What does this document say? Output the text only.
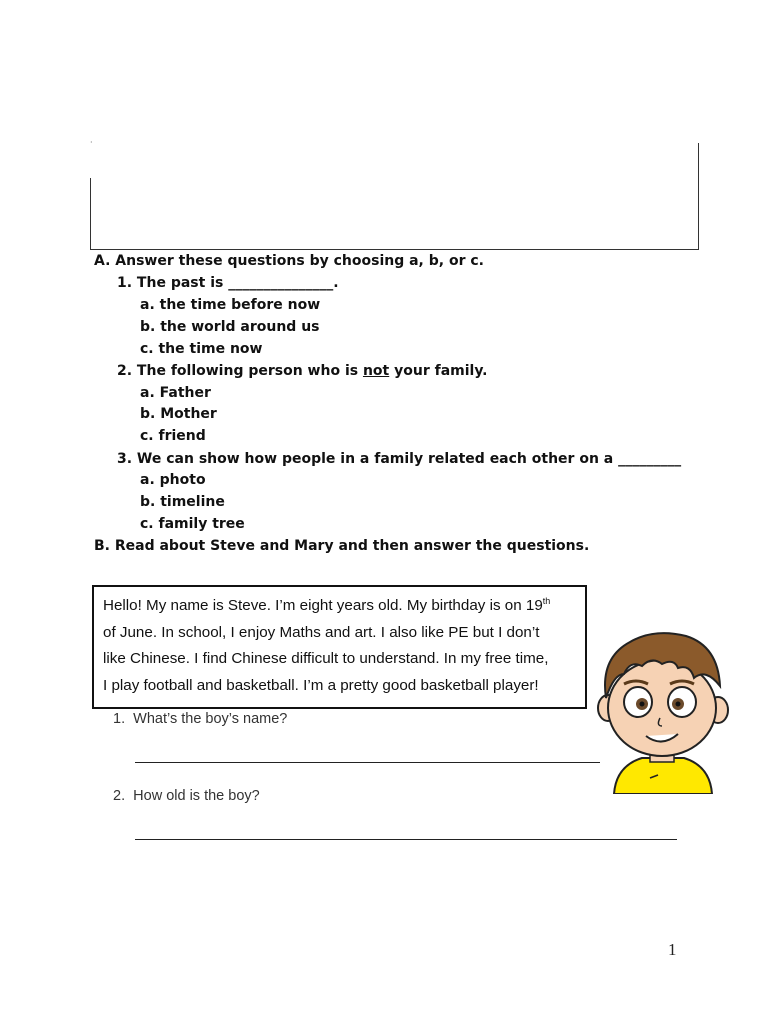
·
A. Answer these questions by choosing a, b, or c.
1. The past is _______________.
a. the time before now
b. the world around us
c. the time now
2. The following person who is not your family.
a. Father
b. Mother
c. friend
3. We can show how people in a family related each other on a _________
a. photo
b. timeline
c. family tree
B. Read about Steve and Mary and then answer the questions.
Hello! My name is Steve. I’m eight years old. My birthday is on 19th
of June. In school, I enjoy Maths and art. I also like PE but I don’t
like Chinese. I find Chinese difficult to understand. In my free time,
I play football and basketball. I’m a pretty good basketball player!
1. What’s the boy’s name?
2. How old is the boy?
1
